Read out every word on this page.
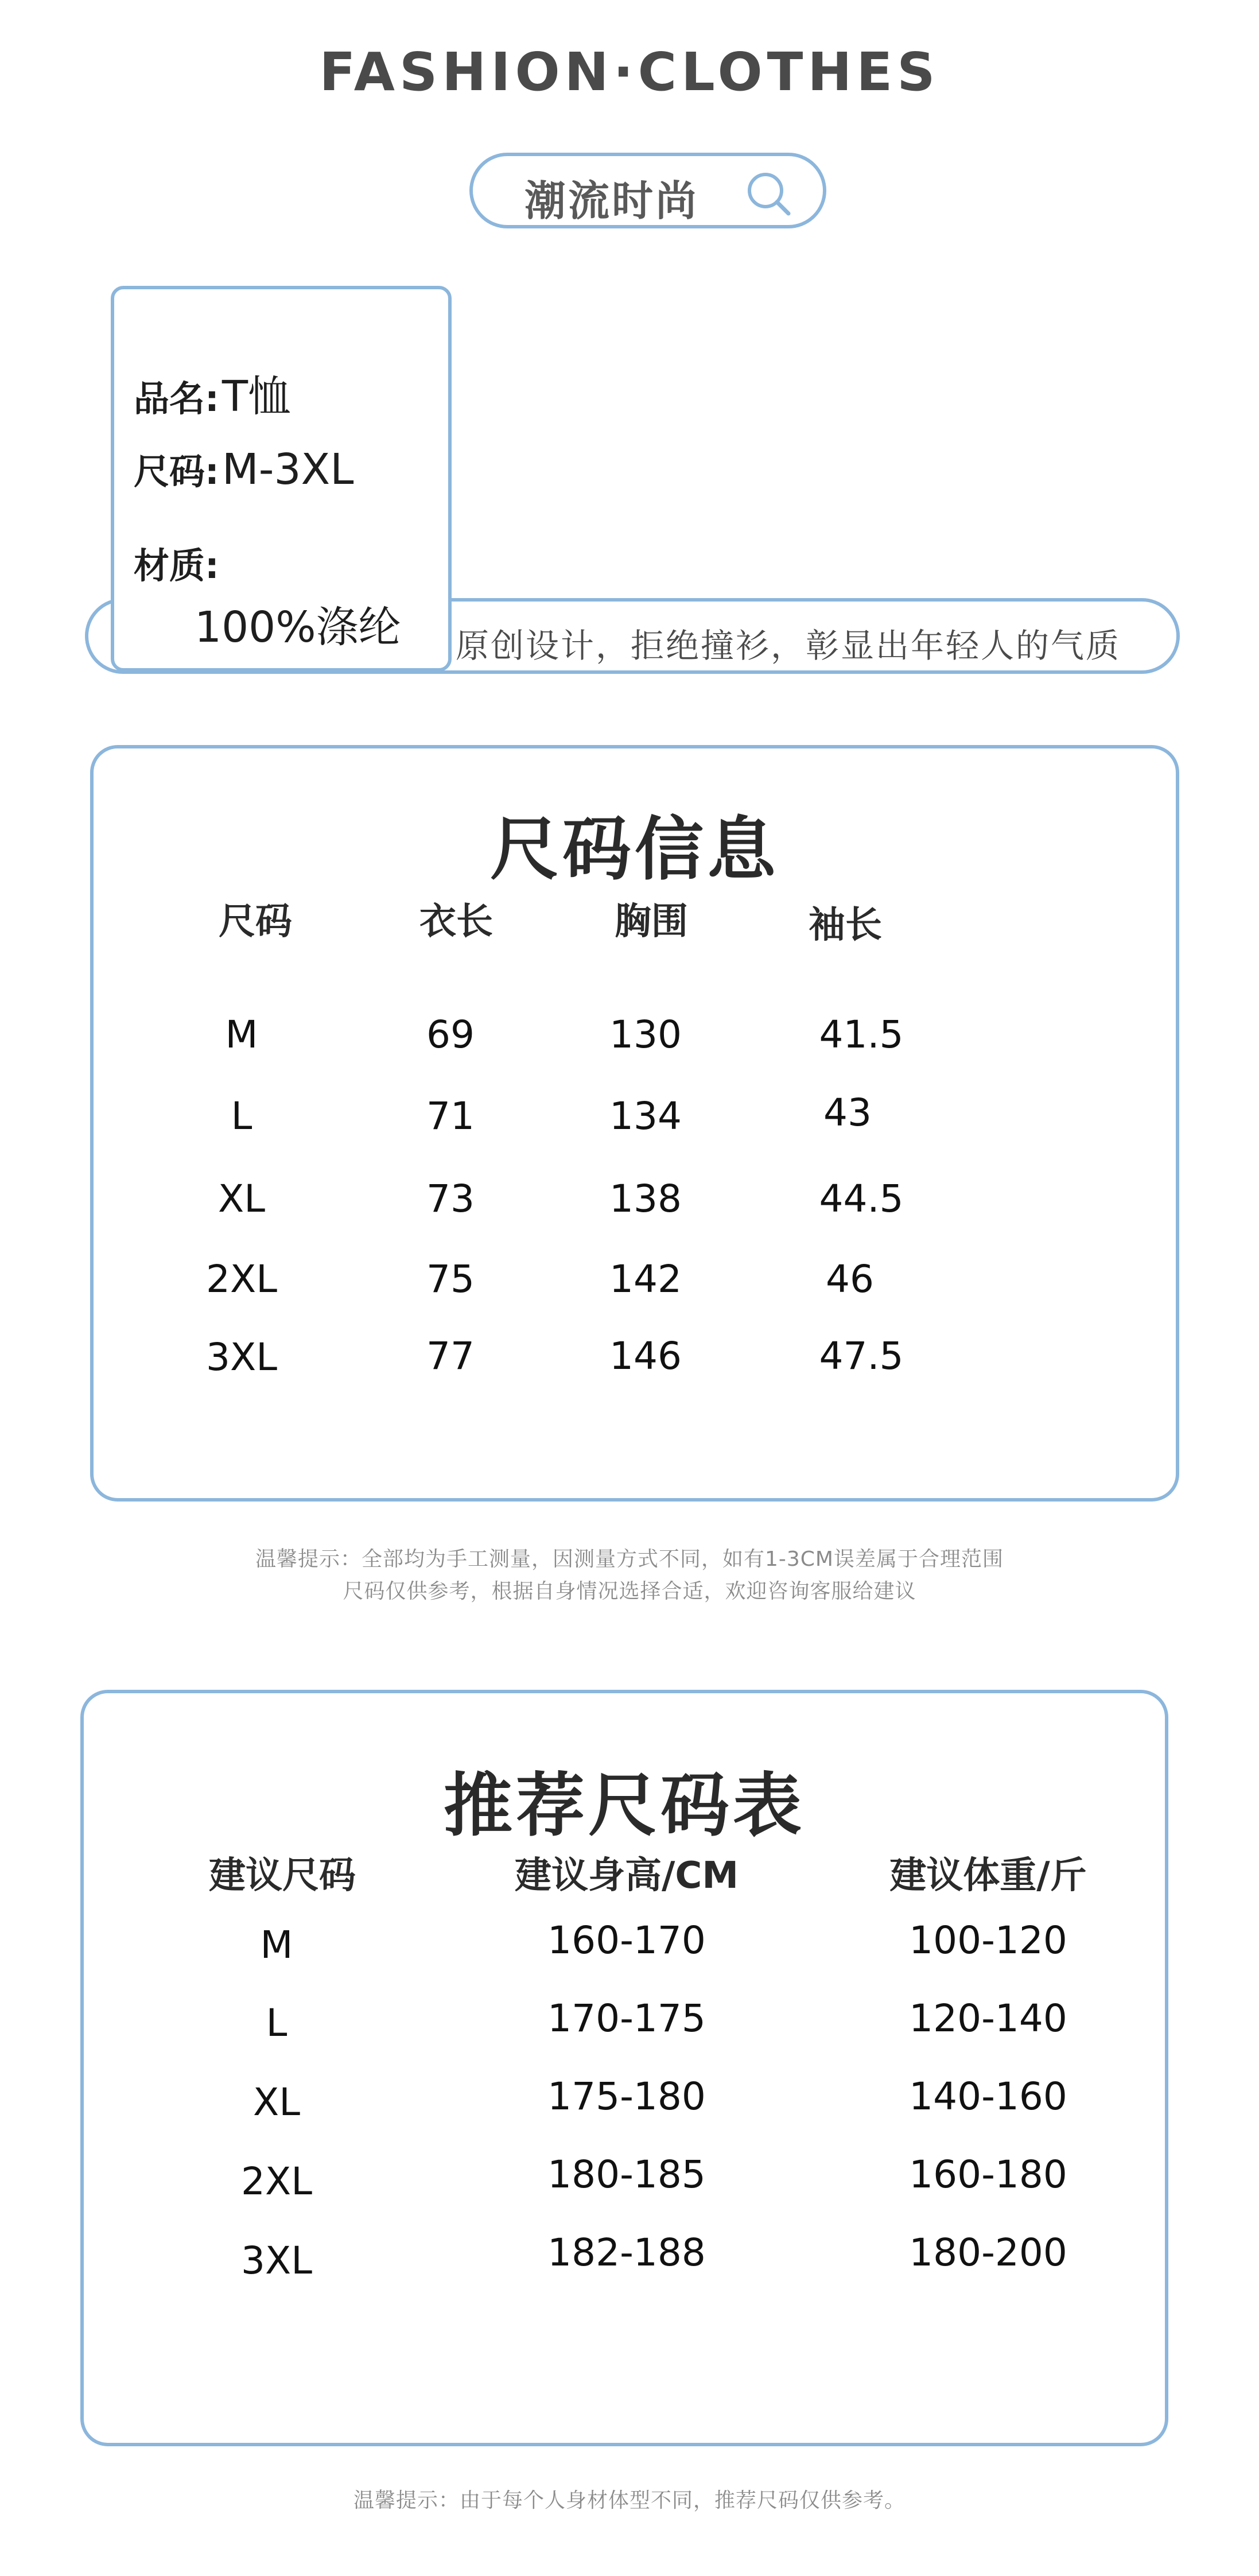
FASHION·CLOTHES
潮流时尚
原创设计，拒绝撞衫，彰显出年轻人的气质
品名: T恤
尺码: M-3XL
材质:
100%涤纶
尺码信息
尺码	衣长	胸围	袖长
M	69	130	41.5
L	71	134	43
XL	73	138	44.5
2XL	75	142	46
3XL	77	146	47.5
温馨提示：全部均为手工测量，因测量方式不同，如有1-3CM误差属于合理范围
尺码仅供参考，根据自身情况选择合适，欢迎咨询客服给建议
推荐尺码表
建议尺码	建议身高/CM	建议体重/斤
M	160-170	100-120
L	170-175	120-140
XL	175-180	140-160
2XL	180-185	160-180
3XL	182-188	180-200
温馨提示：由于每个人身材体型不同，推荐尺码仅供参考。
